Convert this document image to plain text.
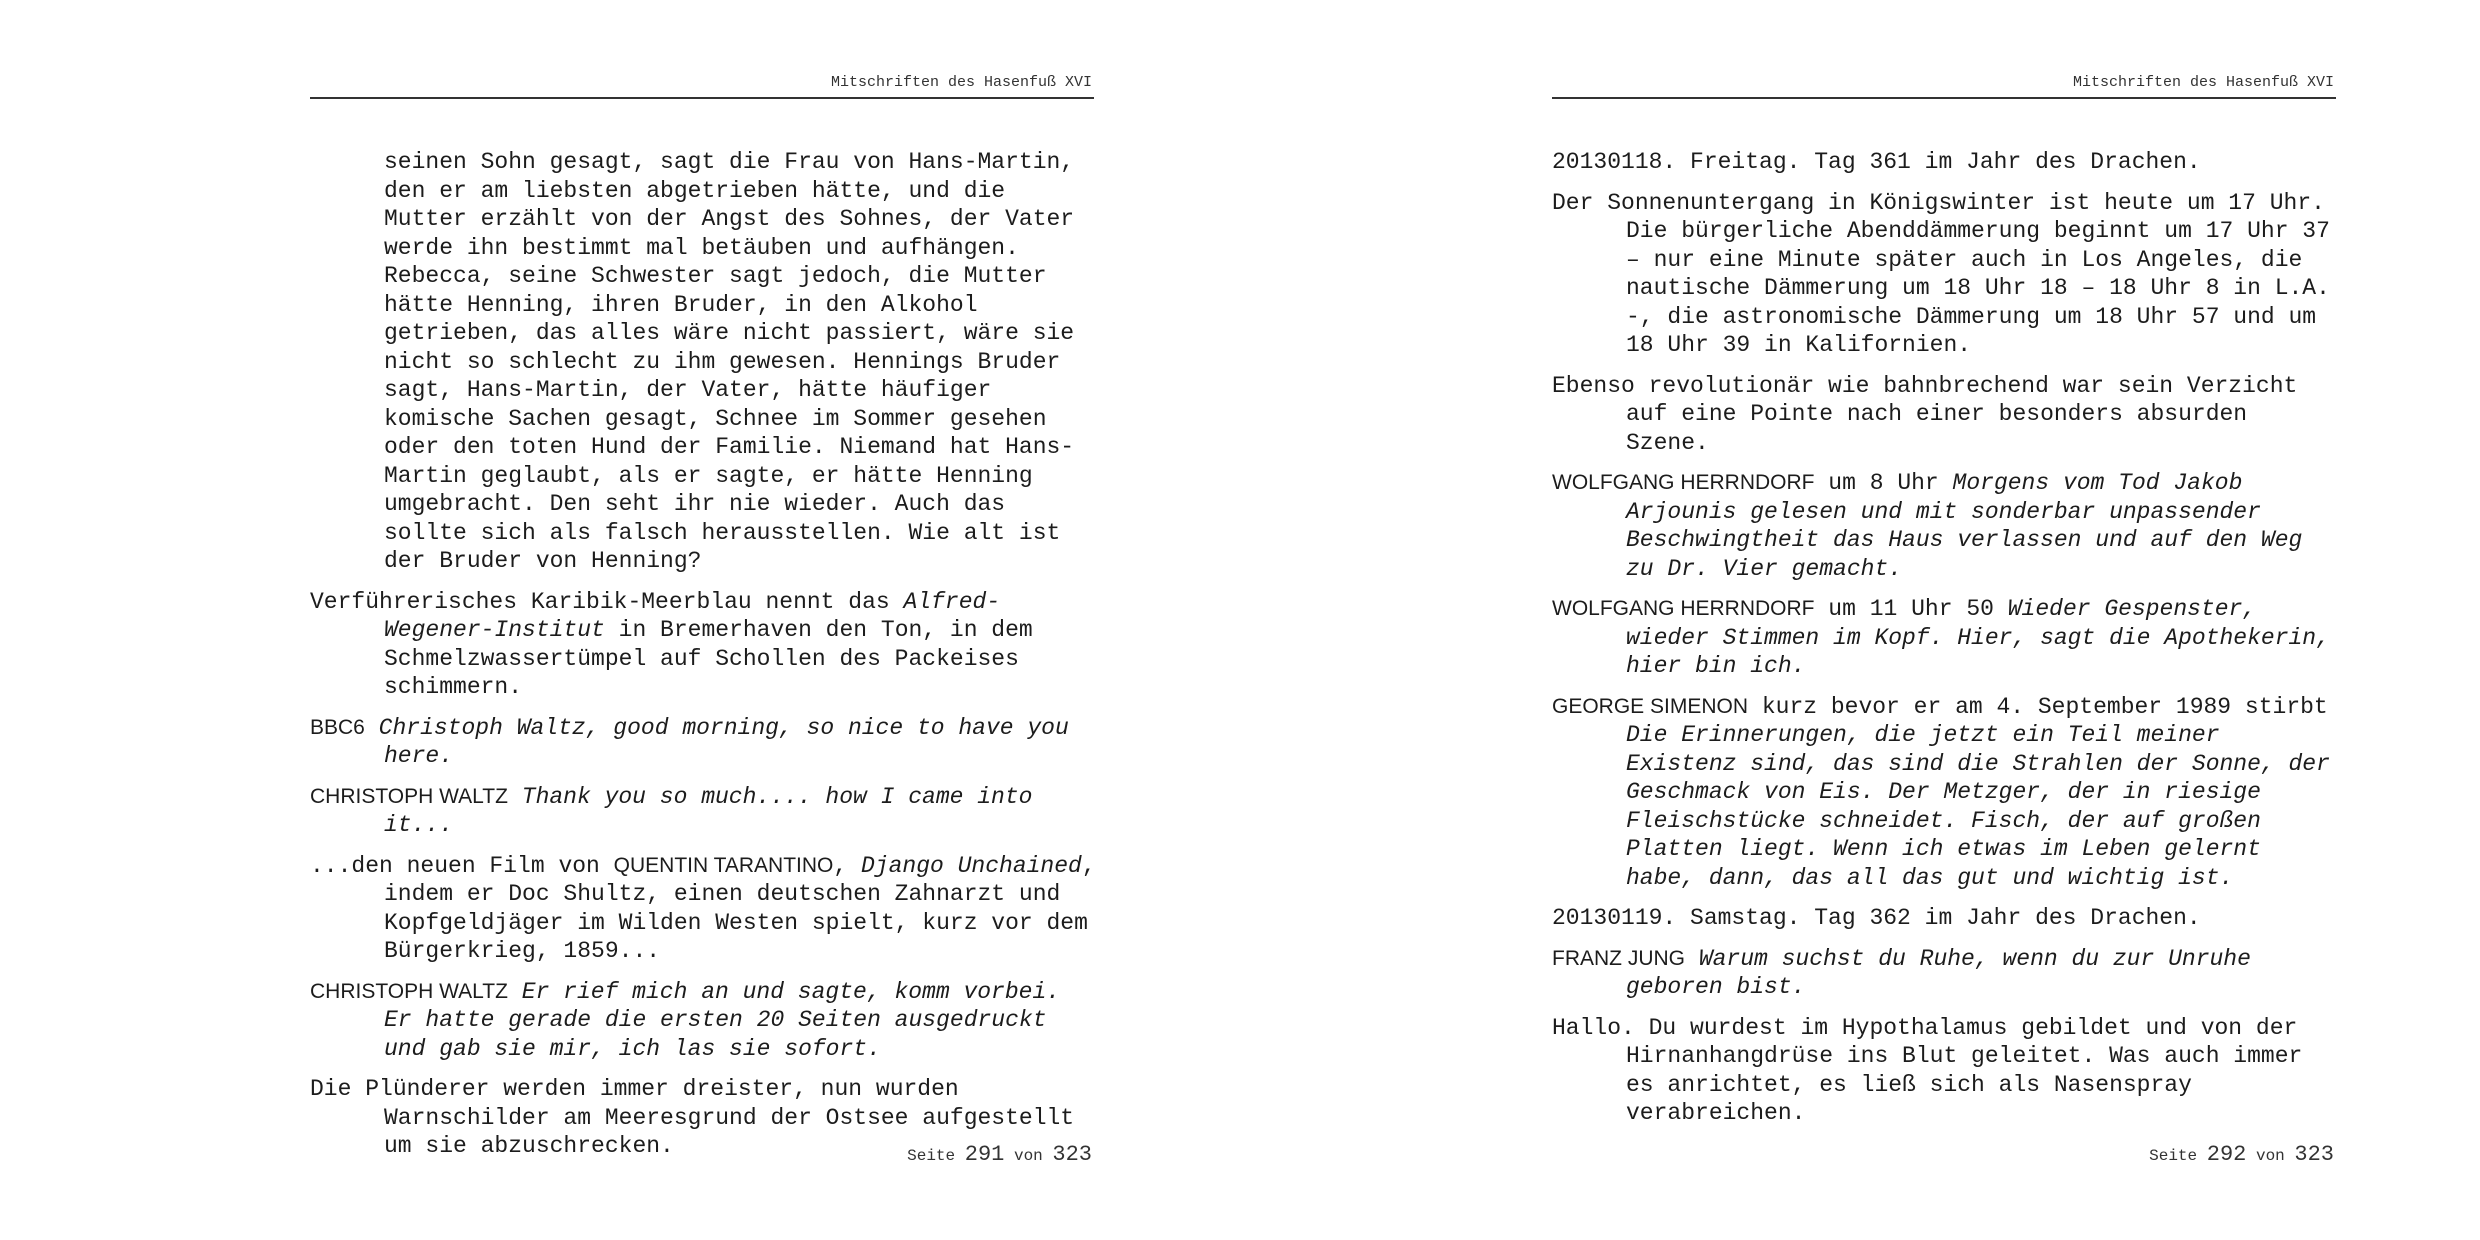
Mitschriften des Hasenfuß XVI

seinen Sohn gesagt, sagt die Frau von Hans-Martin, den er am liebsten abgetrieben hätte, und die Mutter erzählt von der Angst des Sohnes, der Vater werde ihn bestimmt mal betäuben und aufhängen. Rebecca, seine Schwester sagt jedoch, die Mutter hätte Henning, ihren Bruder, in den Alkohol getrieben, das alles wäre nicht passiert, wäre sie nicht so schlecht zu ihm gewesen. Hennings Bruder sagt, Hans-Martin, der Vater, hätte häufiger komische Sachen gesagt, Schnee im Sommer gesehen oder den toten Hund der Familie. Niemand hat Hans-Martin geglaubt, als er sagte, er hätte Henning umgebracht. Den seht ihr nie wieder. Auch das sollte sich als falsch herausstellen. Wie alt ist der Bruder von Henning?

Verführerisches Karibik-Meerblau nennt das Alfred-Wegener-Institut in Bremerhaven den Ton, in dem Schmelzwassertümpel auf Schollen des Packeises schimmern.

BBC6 Christoph Waltz, good morning, so nice to have you here.

CHRISTOPH WALTZ Thank you so much.... how I came into it...

...den neuen Film von QUENTIN TARANTINO, Django Unchained, indem er Doc Shultz, einen deutschen Zahnarzt und Kopfgeldjäger im Wilden Westen spielt, kurz vor dem Bürgerkrieg, 1859...

CHRISTOPH WALTZ Er rief mich an und sagte, komm vorbei. Er hatte gerade die ersten 20 Seiten ausgedruckt und gab sie mir, ich las sie sofort.

Die Plünderer werden immer dreister, nun wurden Warnschilder am Meeresgrund der Ostsee aufgestellt um sie abzuschrecken.	Seite 291 von 323
Mitschriften des Hasenfuß XVI

20130118. Freitag. Tag 361 im Jahr des Drachen.

Der Sonnenuntergang in Königswinter ist heute um 17 Uhr. Die bürgerliche Abenddämmerung beginnt um 17 Uhr 37 – nur eine Minute später auch in Los Angeles, die nautische Dämmerung um 18 Uhr 18 – 18 Uhr 8 in L.A. -, die astronomische Dämmerung um 18 Uhr 57 und um 18 Uhr 39 in Kalifornien.

Ebenso revolutionär wie bahnbrechend war sein Verzicht auf eine Pointe nach einer besonders absurden Szene.

WOLFGANG HERRNDORF um 8 Uhr Morgens vom Tod Jakob Arjounis gelesen und mit sonderbar unpassender Beschwingtheit das Haus verlassen und auf den Weg zu Dr. Vier gemacht.

WOLFGANG HERRNDORF um 11 Uhr 50 Wieder Gespenster, wieder Stimmen im Kopf. Hier, sagt die Apothekerin, hier bin ich.

GEORGE SIMENON kurz bevor er am 4. September 1989 stirbt Die Erinnerungen, die jetzt ein Teil meiner Existenz sind, das sind die Strahlen der Sonne, der Geschmack von Eis. Der Metzger, der in riesige Fleischstücke schneidet. Fisch, der auf großen Platten liegt. Wenn ich etwas im Leben gelernt habe, dann, das all das gut und wichtig ist.

20130119. Samstag. Tag 362 im Jahr des Drachen.

FRANZ JUNG Warum suchst du Ruhe, wenn du zur Unruhe geboren bist.

Hallo. Du wurdest im Hypothalamus gebildet und von der Hirnanhangdrüse ins Blut geleitet. Was auch immer es anrichtet, es ließ sich als Nasenspray verabreichen.

Seite 292 von 323
